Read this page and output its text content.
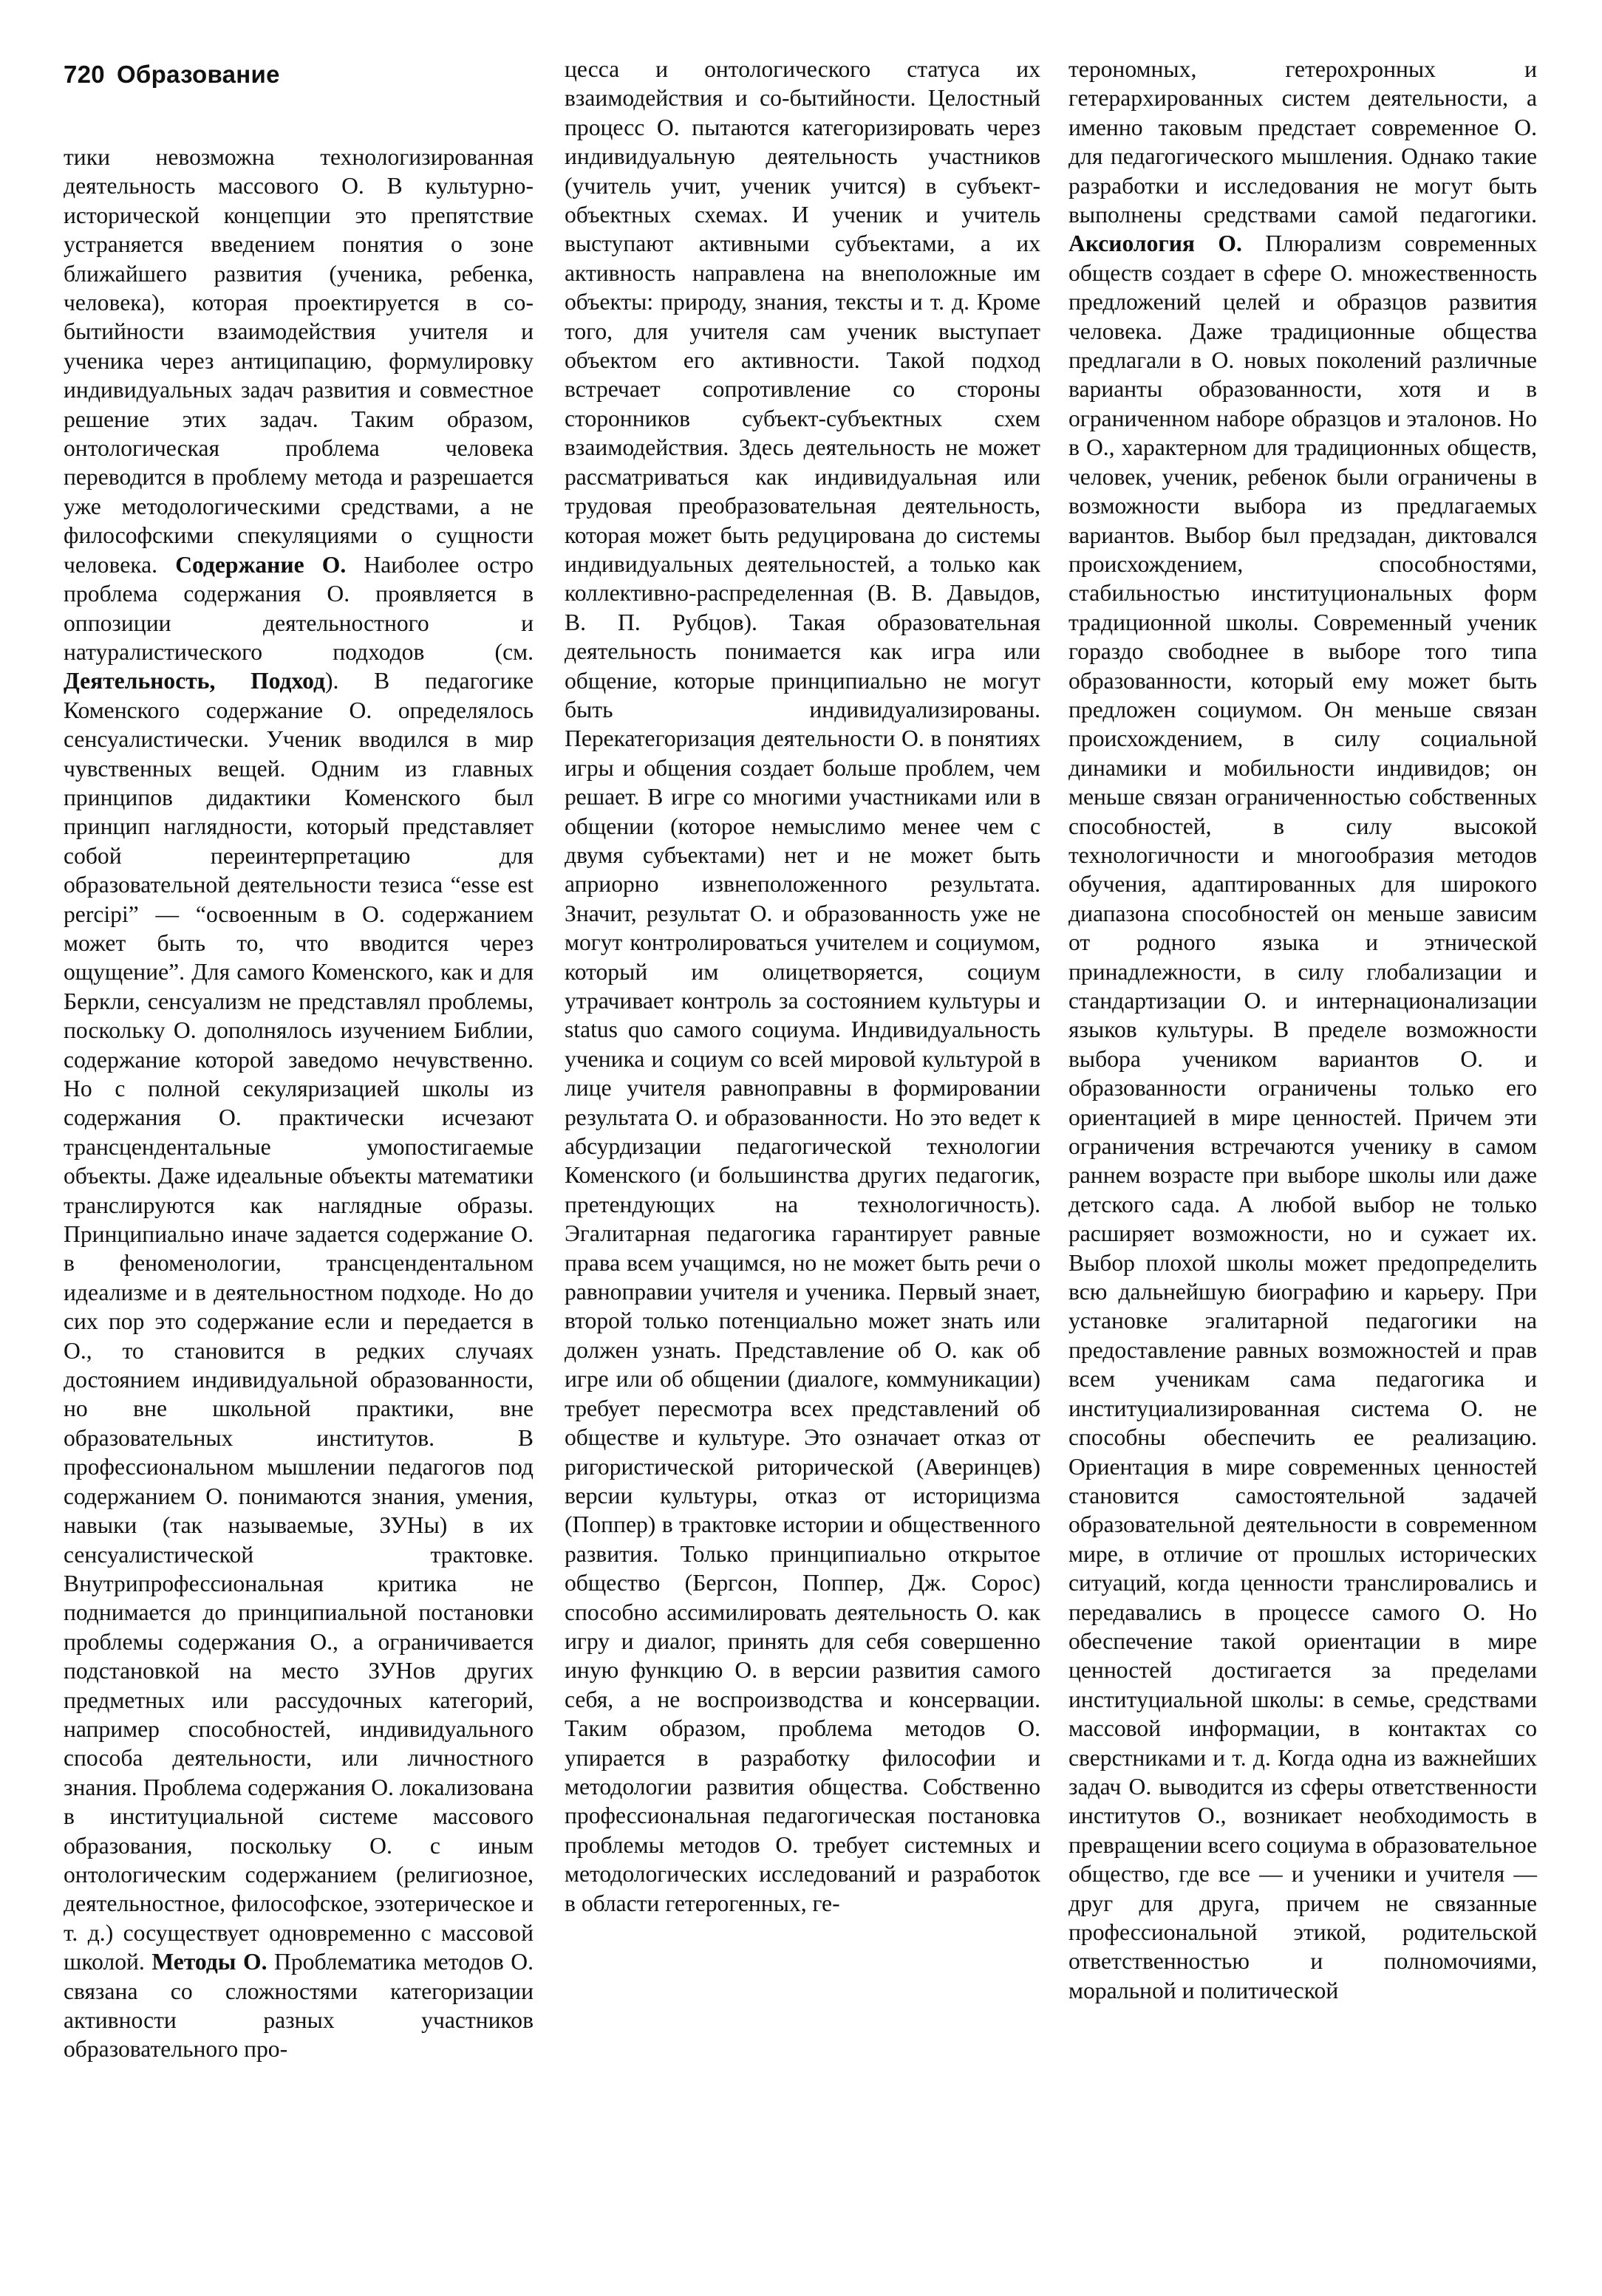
720 Образование

тики невозможна технологизированная деятельность массового О. В культурно-исторической концепции это препятствие устраняется введением понятия о зоне ближайшего развития (ученика, ребенка, человека), которая проектируется в со-бытийности взаимодействия учителя и ученика через антиципацию, формулировку индивидуальных задач развития и совместное решение этих задач. Таким образом, онтологическая проблема человека переводится в проблему метода и разрешается уже методологическими средствами, а не философскими спекуляциями о сущности человека. Содержание О. Наиболее остро проблема содержания О. проявляется в оппозиции деятельностного и натуралистического подходов (см. Деятельность, Подход). В педагогике Коменского содержание О. определялось сенсуалистически. Ученик вводился в мир чувственных вещей. Одним из главных принципов дидактики Коменского был принцип наглядности, который представляет собой переинтерпретацию для образовательной деятельности тезиса “esse est percipi” — “освоенным в О. содержанием может быть то, что вводится через ощущение”. Для самого Коменского, как и для Беркли, сенсуализм не представлял проблемы, поскольку О. дополнялось изучением Библии, содержание которой заведомо нечувственно. Но с полной секуляризацией школы из содержания О. практически исчезают трансцендентальные умопостигаемые объекты. Даже идеальные объекты математики транслируются как наглядные образы. Принципиально иначе задается содержание О. в феноменологии, трансцендентальном идеализме и в деятельностном подходе. Но до сих пор это содержание если и передается в О., то становится в редких случаях достоянием индивидуальной образованности, но вне школьной практики, вне образовательных институтов. В профессиональном мышлении педагогов под содержанием О. понимаются знания, умения, навыки (так называемые, ЗУНы) в их сенсуалистической трактовке. Внутрипрофессиональная критика не поднимается до принципиальной постановки проблемы содержания О., а ограничивается подстановкой на место ЗУНов других предметных или рассудочных категорий, например способностей, индивидуального способа деятельности, или личностного знания. Проблема содержания О. локализована в институциальной системе массового образования, поскольку О. с иным онтологическим содержанием (религиозное, деятельностное, философское, эзотерическое и т. д.) сосуществует одновременно с массовой школой. Методы О. Проблематика методов О. связана со сложностями категоризации активности разных участников образовательного про-

цесса и онтологического статуса их взаимодействия и со-бытийности. Целостный процесс О. пытаются категоризировать через индивидуальную деятельность участников (учитель учит, ученик учится) в субъект-объектных схемах. И ученик и учитель выступают активными субъектами, а их активность направлена на внеположные им объекты: природу, знания, тексты и т. д. Кроме того, для учителя сам ученик выступает объектом его активности. Такой подход встречает сопротивление со стороны сторонников субъект-субъектных схем взаимодействия. Здесь деятельность не может рассматриваться как индивидуальная или трудовая преобразовательная деятельность, которая может быть редуцирована до системы индивидуальных деятельностей, а только как коллективно-распределенная (В. В. Давыдов, В. П. Рубцов). Такая образовательная деятельность понимается как игра или общение, которые принципиально не могут быть индивидуализированы. Перекатегоризация деятельности О. в понятиях игры и общения создает больше проблем, чем решает. В игре со многими участниками или в общении (которое немыслимо менее чем с двумя субъектами) нет и не может быть априорно извнеположенного результата. Значит, результат О. и образованность уже не могут контролироваться учителем и социумом, который им олицетворяется, социум утрачивает контроль за состоянием культуры и status quo самого социума. Индивидуальность ученика и социум со всей мировой культурой в лице учителя равноправны в формировании результата О. и образованности. Но это ведет к абсурдизации педагогической технологии Коменского (и большинства других педагогик, претендующих на технологичность). Эгалитарная педагогика гарантирует равные права всем учащимся, но не может быть речи о равноправии учителя и ученика. Первый знает, второй только потенциально может знать или должен узнать. Представление об О. как об игре или об общении (диалоге, коммуникации) требует пересмотра всех представлений об обществе и культуре. Это означает отказ от ригористической риторической (Аверинцев) версии культуры, отказ от историцизма (Поппер) в трактовке истории и общественного развития. Только принципиально открытое общество (Бергсон, Поппер, Дж. Сорос) способно ассимилировать деятельность О. как игру и диалог, принять для себя совершенно иную функцию О. в версии развития самого себя, а не воспроизводства и консервации. Таким образом, проблема методов О. упирается в разработку философии и методологии развития общества. Собственно профессиональная педагогическая постановка проблемы методов О. требует системных и методологических исследований и разработок в области гетерогенных, ге-

терономных, гетерохронных и гетерархированных систем деятельности, а именно таковым предстает современное О. для педагогического мышления. Однако такие разработки и исследования не могут быть выполнены средствами самой педагогики. Аксиология О. Плюрализм современных обществ создает в сфере О. множественность предложений целей и образцов развития человека. Даже традиционные общества предлагали в О. новых поколений различные варианты образованности, хотя и в ограниченном наборе образцов и эталонов. Но в О., характерном для традиционных обществ, человек, ученик, ребенок были ограничены в возможности выбора из предлагаемых вариантов. Выбор был предзадан, диктовался происхождением, способностями, стабильностью институциональных форм традиционной школы. Современный ученик гораздо свободнее в выборе того типа образованности, который ему может быть предложен социумом. Он меньше связан происхождением, в силу социальной динамики и мобильности индивидов; он меньше связан ограниченностью собственных способностей, в силу высокой технологичности и многообразия методов обучения, адаптированных для широкого диапазона способностей он меньше зависим от родного языка и этнической принадлежности, в силу глобализации и стандартизации О. и интернационализации языков культуры. В пределе возможности выбора учеником вариантов О. и образованности ограничены только его ориентацией в мире ценностей. Причем эти ограничения встречаются ученику в самом раннем возрасте при выборе школы или даже детского сада. А любой выбор не только расширяет возможности, но и сужает их. Выбор плохой школы может предопределить всю дальнейшую биографию и карьеру. При установке эгалитарной педагогики на предоставление равных возможностей и прав всем ученикам сама педагогика и институциализированная система О. не способны обеспечить ее реализацию. Ориентация в мире современных ценностей становится самостоятельной задачей образовательной деятельности в современном мире, в отличие от прошлых исторических ситуаций, когда ценности транслировались и передавались в процессе самого О. Но обеспечение такой ориентации в мире ценностей достигается за пределами институциальной школы: в семье, средствами массовой информации, в контактах со сверстниками и т. д. Когда одна из важнейших задач О. выводится из сферы ответственности институтов О., возникает необходимость в превращении всего социума в образовательное общество, где все — и ученики и учителя — друг для друга, причем не связанные профессиональной этикой, родительской ответственностью и полномочиями, моральной и политической
